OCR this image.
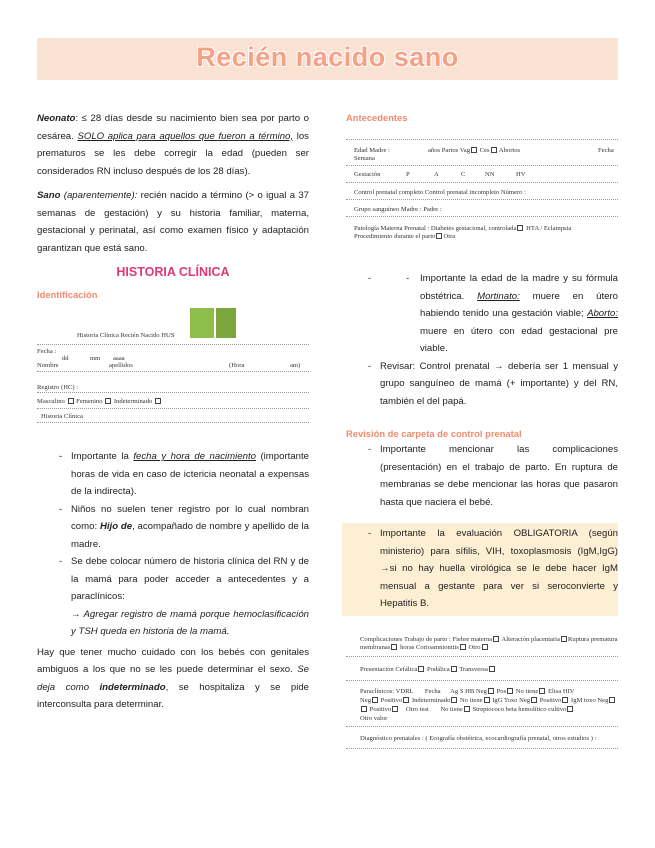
Recién nacido sano

Neonato: ≤ 28 días desde su nacimiento bien sea por parto o cesárea. SOLO aplica para aquellos que fueron a término, los prematuros se les debe corregir la edad (pueden ser considerados RN incluso después de los 28 días).

Sano (aparentemente): recién nacido a término (> o igual a 37 semanas de gestación) y su historia familiar, materna, gestacional y perinatal, así como examen físico y adaptación garantizan que está sano.

HISTORIA CLÍNICA
Identificación
Historia Clínica Recién Nacido HUS
Fecha :
dd	mm aaaa
Nombre	apellidos	(Hora	am)
Registro (HC) :
Masculino Femenino Indeterminado
Historia Clínica
- Importante la fecha y hora de nacimiento (importante horas de vida en caso de ictericia neonatal a expensas de la indirecta).
- Niños no suelen tener registro por lo cual nombran como: Hijo de, acompañado de nombre y apellido de la madre.
- Se debe colocar número de historia clínica del RN y de la mamá para poder acceder a antecedentes y a paraclínicos:

→ Agregar registro de mamá porque hemoclasificación y TSH queda en historia de la mamá.

Hay que tener mucho cuidado con los bebés con genitales ambiguos a los que no se les puede determinar el sexo. Se deja como indeterminado, se hospitaliza y se pide interconsulta para determinar.

Antecedentes
Edad Madre :	años Partos Vag Ces Abortos	Fecha
Semana
Gestación	P	A	C	NN	HV
Control prenatal completo Control prenatal incompleto Número :
Grupo sanguíneo Madre : Padre :
Patología Materna Prenatal : Diabetes gestacional, controlada HTA / Eclampsia
Procedimiento durante el parto Otra
- - Importante la edad de la madre y su fórmula obstétrica. Mortinato: muere en útero habiendo tenido una gestación viable; Aborto: muere en útero con edad gestacional pre viable.
- Revisar: Control prenatal → debería ser 1 mensual y grupo sanguíneo de mamá (+ importante) y del RN, también el del papá.
Revisión de carpeta de control prenatal
- Importante mencionar las complicaciones (presentación) en el trabajo de parto. En ruptura de membranas se debe mencionar las horas que pasaron hasta que naciera el bebé.
- Importante la evaluación OBLIGATORIA (según ministerio) para sífilis, VIH, toxoplasmosis (IgM,IgG) →si no hay huella virológica se le debe hacer IgM mensual a gestante para ver si seroconvierte y Hepatitis B.
Complicaciones Trabajo de parto : Fiebre materna Alteración placentaria Ruptura prematura
membranas horas Corioamnionitis Otro
Presentación Cefálica Podálica Transversa
Paraclínicos: VDRL Fecha Ag S HB Neg Pos No tiene Elisa HIV
Neg Positivo Indeterminado No tiene IgG Toxo Neg Positivo IgM toxo Neg
Positivo Otro test No tiene Streptococo beta hemolítico cultivo
Otro valor
Diagnóstico prenatales : ( Ecografía obstétrica, ecocardiografía prenatal, otros estudios ) :
